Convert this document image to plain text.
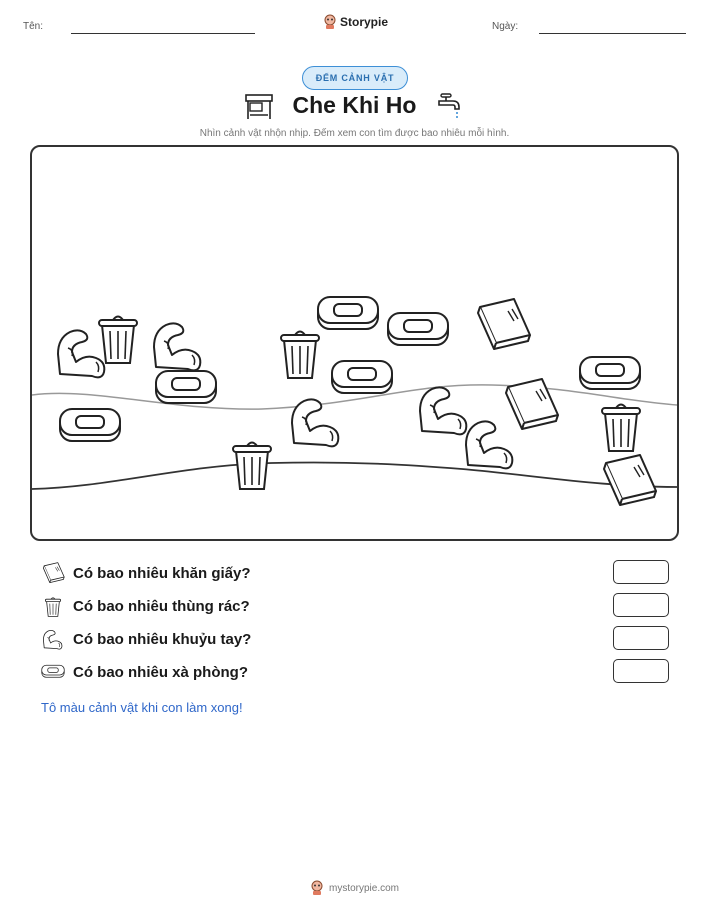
Tên:	Storypie	Ngày:
ĐẾM CẢNH VẬT
Che Khi Ho
Nhìn cảnh vật nhộn nhịp. Đếm xem con tìm được bao nhiêu mỗi hình.
Có bao nhiêu khăn giấy?
Có bao nhiêu thùng rác?
Có bao nhiêu khuỷu tay?
Có bao nhiêu xà phòng?
Tô màu cảnh vật khi con làm xong!
mystorypie.com
